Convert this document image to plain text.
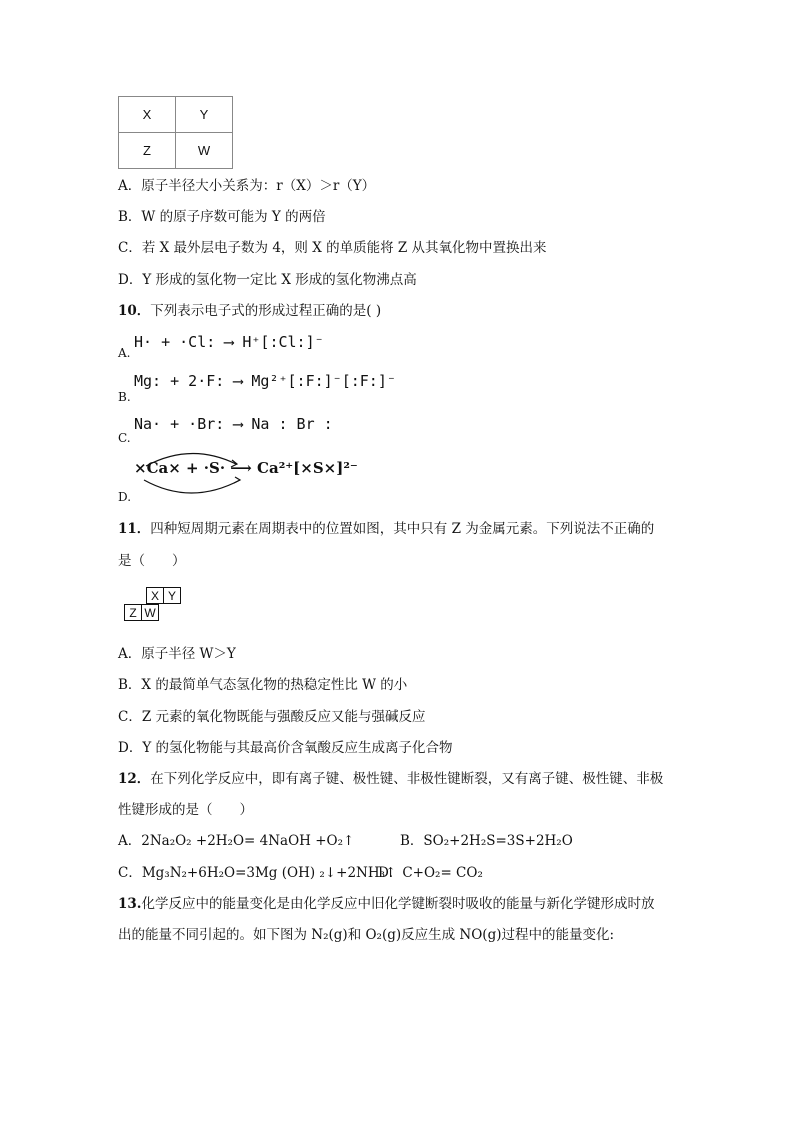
X	Y
Z	W
A．原子半径大小关系为：r（X）＞r（Y）
B．W 的原子序数可能为 Y 的两倍
C．若 X 最外层电子数为 4，则 X 的单质能将 Z 从其氧化物中置换出来
D．Y 形成的氢化物一定比 X 形成的氢化物沸点高
10．下列表示电子式的形成过程正确的是( )
A.
H· + ·Cl: ⟶ H⁺[:Cl:]⁻
B.
Mg: + 2·F: ⟶ Mg²⁺[:F:]⁻[:F:]⁻
C.
Na· + ·Br: ⟶ Na : Br :
D.
×Ca× + ·S· ⟶ Ca²⁺[×S×]²⁻
11．四种短周期元素在周期表中的位置如图，其中只有 Z 为金属元素。下列说法不正确的
是（　　）
X	Y
Z	W
A．原子半径 W＞Y
B．X 的最简单气态氢化物的热稳定性比 W 的小
C．Z 元素的氧化物既能与强酸反应又能与强碱反应
D．Y 的氢化物能与其最高价含氧酸反应生成离子化合物
12．在下列化学反应中，即有离子键、极性键、非极性键断裂，又有离子键、极性键、非极
性键形成的是（　　）
A．2Na₂O₂ +2H₂O= 4NaOH +O₂↑	B．SO₂+2H₂S=3S+2H₂O
C．Mg₃N₂+6H₂O=3Mg (OH) ₂↓+2NH₃↑
D．C+O₂= CO₂
13.化学反应中的能量变化是由化学反应中旧化学键断裂时吸收的能量与新化学键形成时放
出的能量不同引起的。如下图为 N₂(g)和 O₂(g)反应生成 NO(g)过程中的能量变化:
